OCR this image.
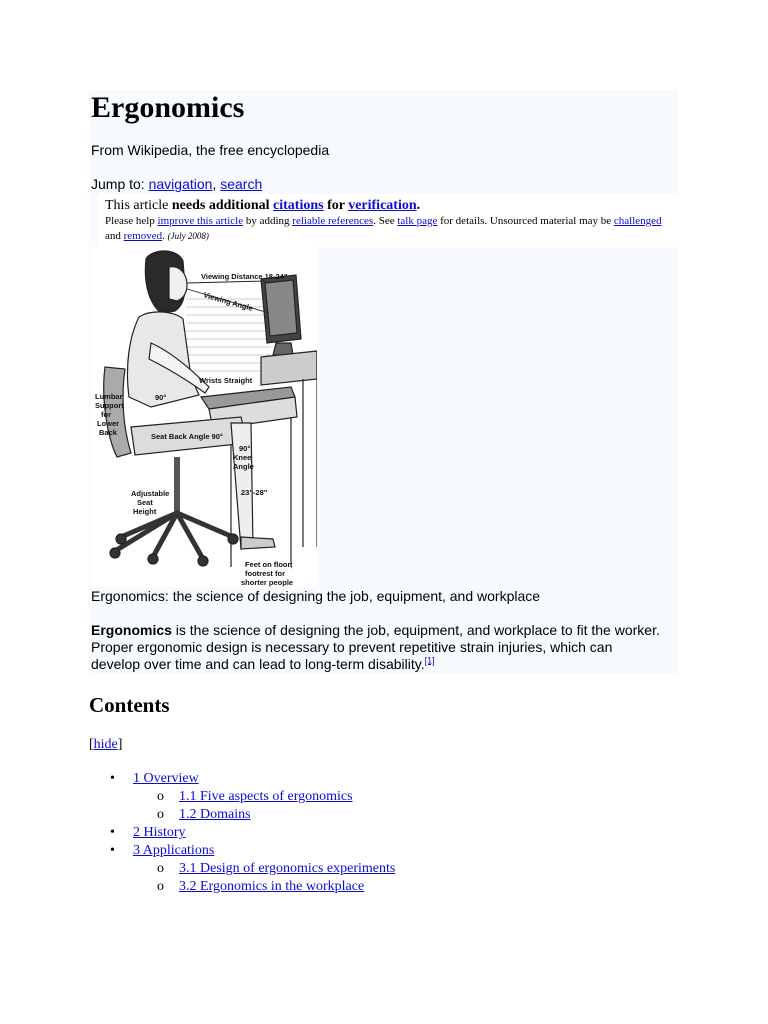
Ergonomics
From Wikipedia, the free encyclopedia
Jump to: navigation, search
This article needs additional citations for verification.
Please help improve this article by adding reliable references. See talk page for details. Unsourced material may be challenged and removed. (July 2008)
Viewing Distance 18-24"
Viewing Angle
Wrists Straight
Lumbar
Support
for
Lower
Back
90°
Seat Back Angle 90°
90°
Knee
Angle
Adjustable
Seat
Height
23"-28"
Feet on floor;
footrest for
shorter people
Ergonomics: the science of designing the job, equipment, and workplace
Ergonomics is the science of designing the job, equipment, and workplace to fit the worker. Proper ergonomic design is necessary to prevent repetitive strain injuries, which can develop over time and can lead to long-term disability.[1]
Contents
[hide]
• 1 Overview
o 1.1 Five aspects of ergonomics
o 1.2 Domains
• 2 History
• 3 Applications
o 3.1 Design of ergonomics experiments
o 3.2 Ergonomics in the workplace
